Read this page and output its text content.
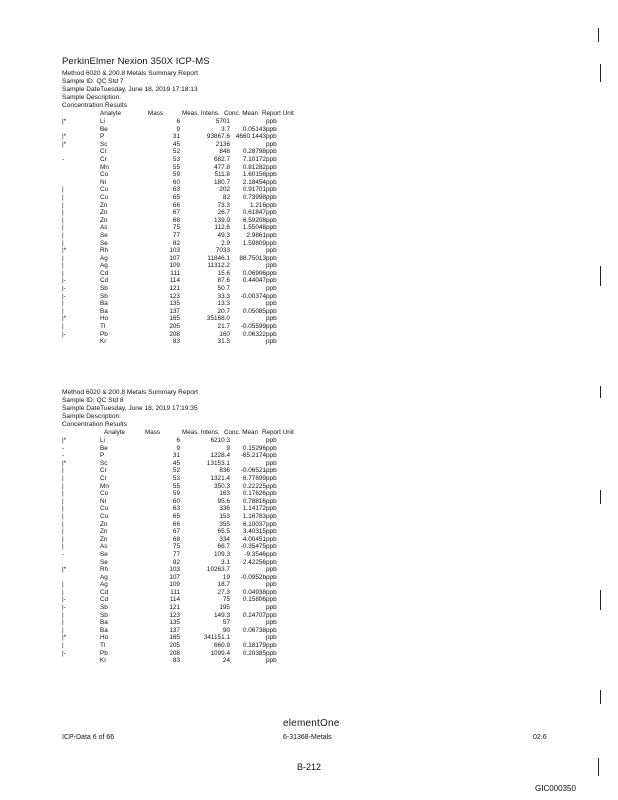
PerkinElmer Nexion 350X ICP-MS
Method 6020 & 200.8 Metals Summary Report
Sample ID: QC Std 7
Sample DateTuesday, June 18, 2019 17:18:13
Sample Description:
Concentration Results
Analyte	Mass	Meas. Intens. Conc. Mean Report Unit
|*	Li	6	5701	ppb
Be	9	3.7	0.05143 ppb
|*	P	31	93867.6 4660.1443 ppb
|*	Sc	45	2136	ppb
Cr	52	848	0.28798 ppb
-	Cr	53	682.7	7.10172 ppb
Mn	55	477.8	0.81282 ppb
Co	59	511.8	1.60156 ppb
Ni	60	180.7	2.18454 ppb
|	Cu	63	202	0.91701 ppb
|	Cu	65	82	0.73998 ppb
|	Zn	66	73.3	1.216 ppb
|	Zn	67	26.7	0.61847 ppb
|	Zn	68	139.9	6.59208 ppb
|	As	75	112.6	1.55048 ppb
|	Se	77	49.3	2.9861 ppb
|	Se	82	2.9	1.59809 ppb
|*	Rh	103	7033	ppb
|	Ag	107	11846.1	88.75013 ppb
|	Ag	109	11312.2	ppb
|	Cd	111	15.6	0.06906 ppb
|-	Cd	114	87.6	0.44047 ppb
|-	Sb	121	50.7	ppb
|-	Sb	123	33.3	-0.00374 ppb
|	Ba	135	13.3	ppb
|	Ba	137	20.7	0.05085 ppb
|*	Ho	165	35168.0	ppb
|	Tl	205	21.7	-0.05599 ppb
|-	Pb	208	160	0.06322 ppb
Kr	83	31.3	ppb
Method 6020 & 200.8 Metals Summary Report
Sample ID: QC Std 8
Sample DateTuesday, June 18, 2019 17:19:35
Sample Description:
Concentration Results
Analyte	Mass	Meas. Intens. Conc. Mean Report Unit
|*	Li	6	6210.3	ppb
-	Be	9	9	0.15296 ppb
-	P	31	1228.4	-65.2174 ppb
|*	Sc	45	13153.1	ppb
|	Cr	52	836	-0.06521 ppb
|	Cr	53	1321.4	6.77699 ppb
|	Mn	55	350.3	0.22225 ppb
|	Co	59	163	0.17626 ppb
|	Ni	60	95.6	0.78816 ppb
|	Cu	63	336	1.14172 ppb
|	Cu	65	153	1.16783 ppb
|	Zn	66	355	6.10037 ppb
|	Zn	67	65.5	3.40315 ppb
|	Zn	68	334	4.00451 ppb
|	As	75	66.7	-0.35475 ppb
-	Se	77	109.3	-9.3546 ppb
Se	82	3.1	2.42256 ppb
|*	Rh	103	10263.7	ppb
Ag	107	19	-0.0952b ppb
|	Ag	109	18.7	ppb
|	Cd	111	27.3	0.04938 ppb
|-	Cd	114	75	0.15806 ppb
|-	Sb	121	195	ppb
|	Sb	123	149.3	0.24707 ppb
|	Ba	135	57	ppb
|	Ba	137	90	0.06738 ppb
|*	Ho	165	341151.1	ppb
|	Tl	205	660.9	0.18179 ppb
|-	Pb	208	1099.4	0.20385 ppb
Kr	83	24	ppb
elementOne
ICP-Data 6 of 66	6-31368-Metals	02.6
B-212
GIC000350
